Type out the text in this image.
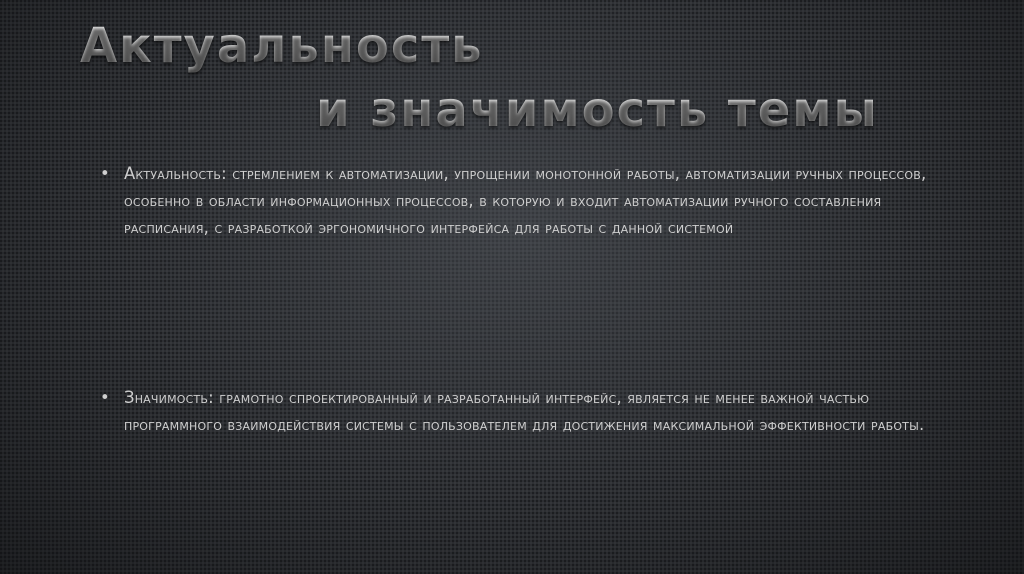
Актуальность
и значимость темы
• Актуальность: стремлением к автоматизации, упрощении монотонной работы, автоматизации ручных процессов, особенно в области информационных процессов, в которую и входит автоматизации ручного составления расписания, с разработкой эргономичного интерфейса для работы с данной системой
• Значимость: грамотно спроектированный и разработанный интерфейс, является не менее важной частью программного взаимодействия системы с пользователем для достижения максимальной эффективности работы.
